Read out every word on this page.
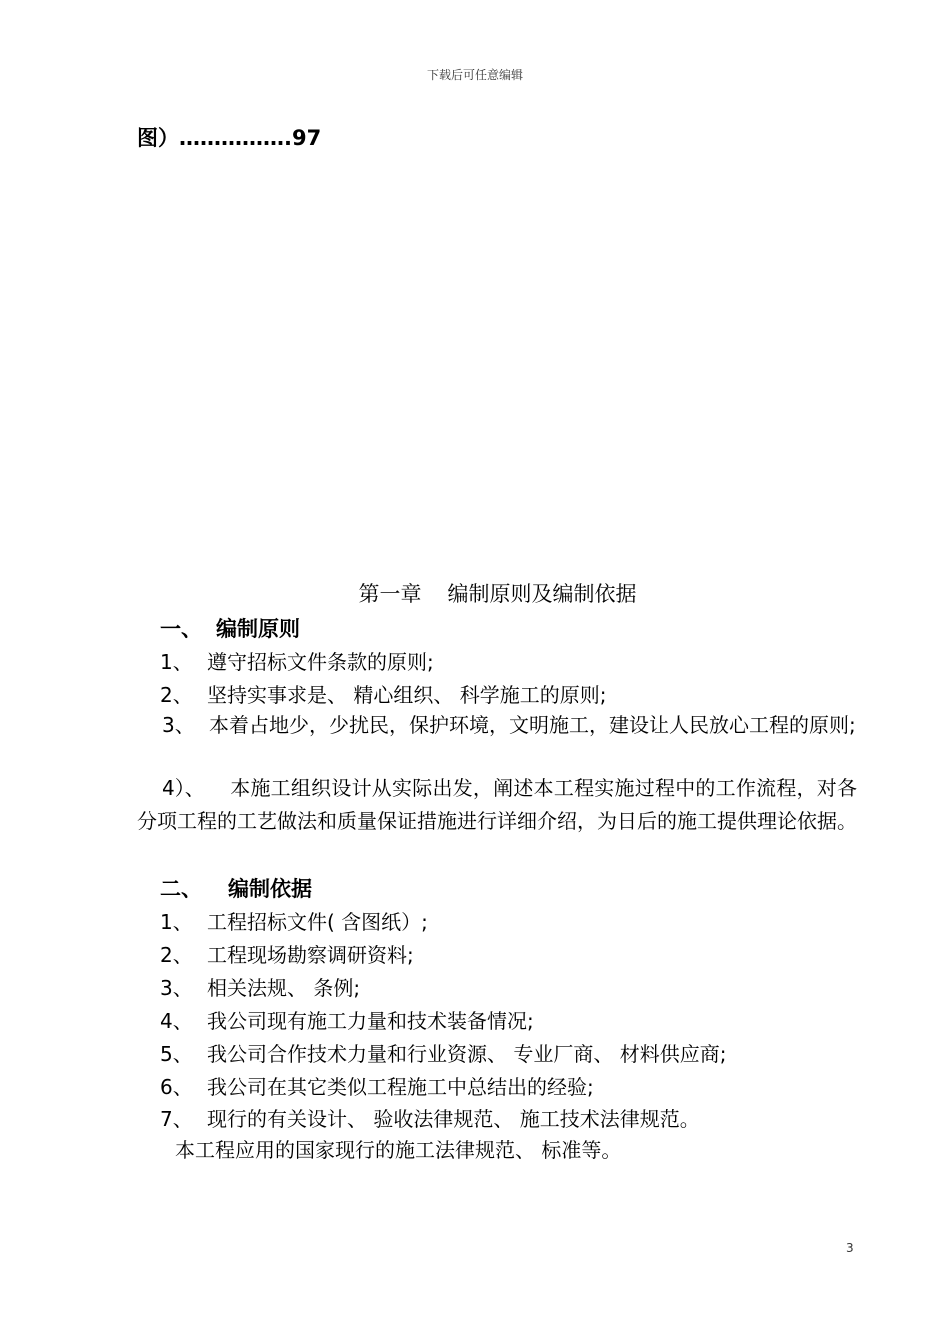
下载后可任意编辑
图）…………….97
第一章 编制原则及编制依据
一、 编制原则
1、 遵守招标文件条款的原则;
2、 坚持实事求是、 精心组织、 科学施工的原则;
3、 本着占地少，少扰民，保护环境，文明施工，建设让人民放心工程的原则;
4）、 本施工组织设计从实际出发，阐述本工程实施过程中的工作流程，对各分项工程的工艺做法和质量保证措施进行详细介绍，为日后的施工提供理论依据。
二、 编制依据
1、 工程招标文件( 含图纸）;
2、 工程现场勘察调研资料;
3、 相关法规、 条例;
4、 我公司现有施工力量和技术装备情况;
5、 我公司合作技术力量和行业资源、 专业厂商、 材料供应商;
6、 我公司在其它类似工程施工中总结出的经验;
7、 现行的有关设计、 验收法律规范、 施工技术法律规范。
本工程应用的国家现行的施工法律规范、 标准等。
3
